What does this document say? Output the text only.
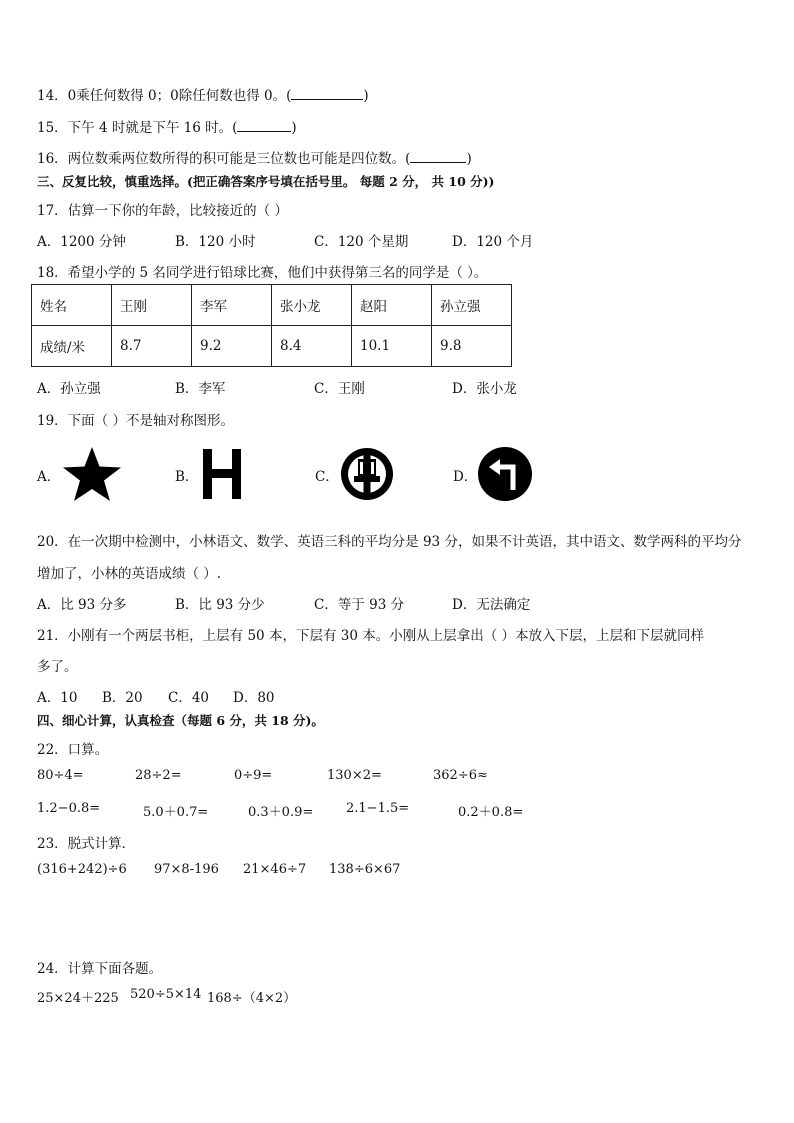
14．0乘任何数得 0；0除任何数也得 0。(	)
15．下午 4 时就是下午 16 时。(	)
16．两位数乘两位数所得的积可能是三位数也可能是四位数。(	)
三、反复比较，慎重选择。(把正确答案序号填在括号里。 每题 2 分， 共 10 分))
17．估算一下你的年龄，比较接近的（ ）
A．1200 分钟	B．120 小时	C．120 个星期	D．120 个月
18．希望小学的 5 名同学进行铅球比赛，他们中获得第三名的同学是（ ）。
姓名	王刚	李军	张小龙	赵阳	孙立强
成绩/米	8.7	9.2	8.4	10.1	9.8
A．孙立强	B．李军	C．王刚	D．张小龙
19．下面（ ）不是轴对称图形。
A．	B．	C．	D．
20．在一次期中检测中，小林语文、数学、英语三科的平均分是 93 分，如果不计英语，其中语文、数学两科的平均分
增加了，小林的英语成绩（ ）.
A．比 93 分多	B．比 93 分少	C．等于 93 分	D．无法确定
21．小刚有一个两层书柜，上层有 50 本，下层有 30 本。小刚从上层拿出（ ）本放入下层，上层和下层就同样
多了。
A．10 B．20 C．40 D．80
四、细心计算，认真检查（每题 6 分，共 18 分)。
22．口算。
80÷4=	28÷2=	0÷9=	130×2=	362÷6≈
1.2−0.8=	5.0＋0.7=	0.3＋0.9=	2.1−1.5=	0.2＋0.8=
23．脱式计算．
(316+242)÷6 97×8-196 21×46÷7 138÷6×67
24．计算下面各题。
25×24＋225 520÷5×14 168÷（4×2）
